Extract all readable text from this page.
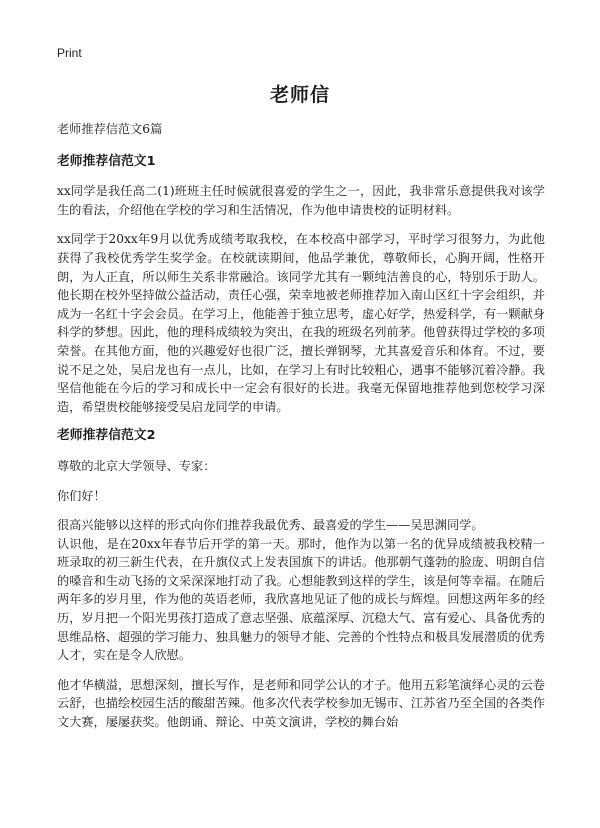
Print
老师信

老师推荐信范文6篇

老师推荐信范文1

xx同学是我任高二(1)班班主任时候就很喜爱的学生之一，因此，我非常乐意提供我对该学生的看法，介绍他在学校的学习和生活情况，作为他申请贵校的证明材料。

xx同学于20xx年9月以优秀成绩考取我校，在本校高中部学习，平时学习很努力，为此他获得了我校优秀学生奖学金。在校就读期间，他品学兼优，尊敬师长，心胸开阔，性格开朗，为人正直，所以师生关系非常融洽。该同学尤其有一颗纯洁善良的心，特别乐于助人。他长期在校外坚持做公益活动，责任心强，荣幸地被老师推荐加入南山区红十字会组织，并成为一名红十字会会员。在学习上，他能善于独立思考，虚心好学，热爱科学，有一颗献身科学的梦想。因此，他的理科成绩较为突出，在我的班级名列前茅。他曾获得过学校的多项荣誉。在其他方面，他的兴趣爱好也很广泛，擅长弹钢琴，尤其喜爱音乐和体育。不过，要说不足之处，吴启龙也有一点儿，比如，在学习上有时比较粗心，遇事不能够沉着冷静。我坚信他能在今后的学习和成长中一定会有很好的长进。我毫无保留地推荐他到您校学习深造，希望贵校能够接受吴启龙同学的申请。

老师推荐信范文2

尊敬的北京大学领导、专家：

你们好！

很高兴能够以这样的形式向你们推荐我最优秀、最喜爱的学生——吴思渊同学。

认识他，是在20xx年春节后开学的第一天。那时，他作为以第一名的优异成绩被我校精一班录取的初三新生代表，在升旗仪式上发表国旗下的讲话。他那朝气蓬勃的脸庞、明朗自信的嗓音和生动飞扬的文采深深地打动了我。心想能教到这样的学生，该是何等幸福。在随后两年多的岁月里，作为他的英语老师，我欣喜地见证了他的成长与辉煌。回想这两年多的经历，岁月把一个阳光男孩打造成了意志坚强、底蕴深厚、沉稳大气、富有爱心、具备优秀的思维品格、超强的学习能力、独具魅力的领导才能、完善的个性特点和极具发展潜质的优秀人才，实在是令人欣慰。

他才华横溢，思想深刻，擅长写作，是老师和同学公认的才子。他用五彩笔演绎心灵的云卷云舒，也描绘校园生活的酸甜苦辣。他多次代表学校参加无锡市、江苏省乃至全国的各类作文大赛，屡屡获奖。他朗诵、辩论、中英文演讲，学校的舞台始
